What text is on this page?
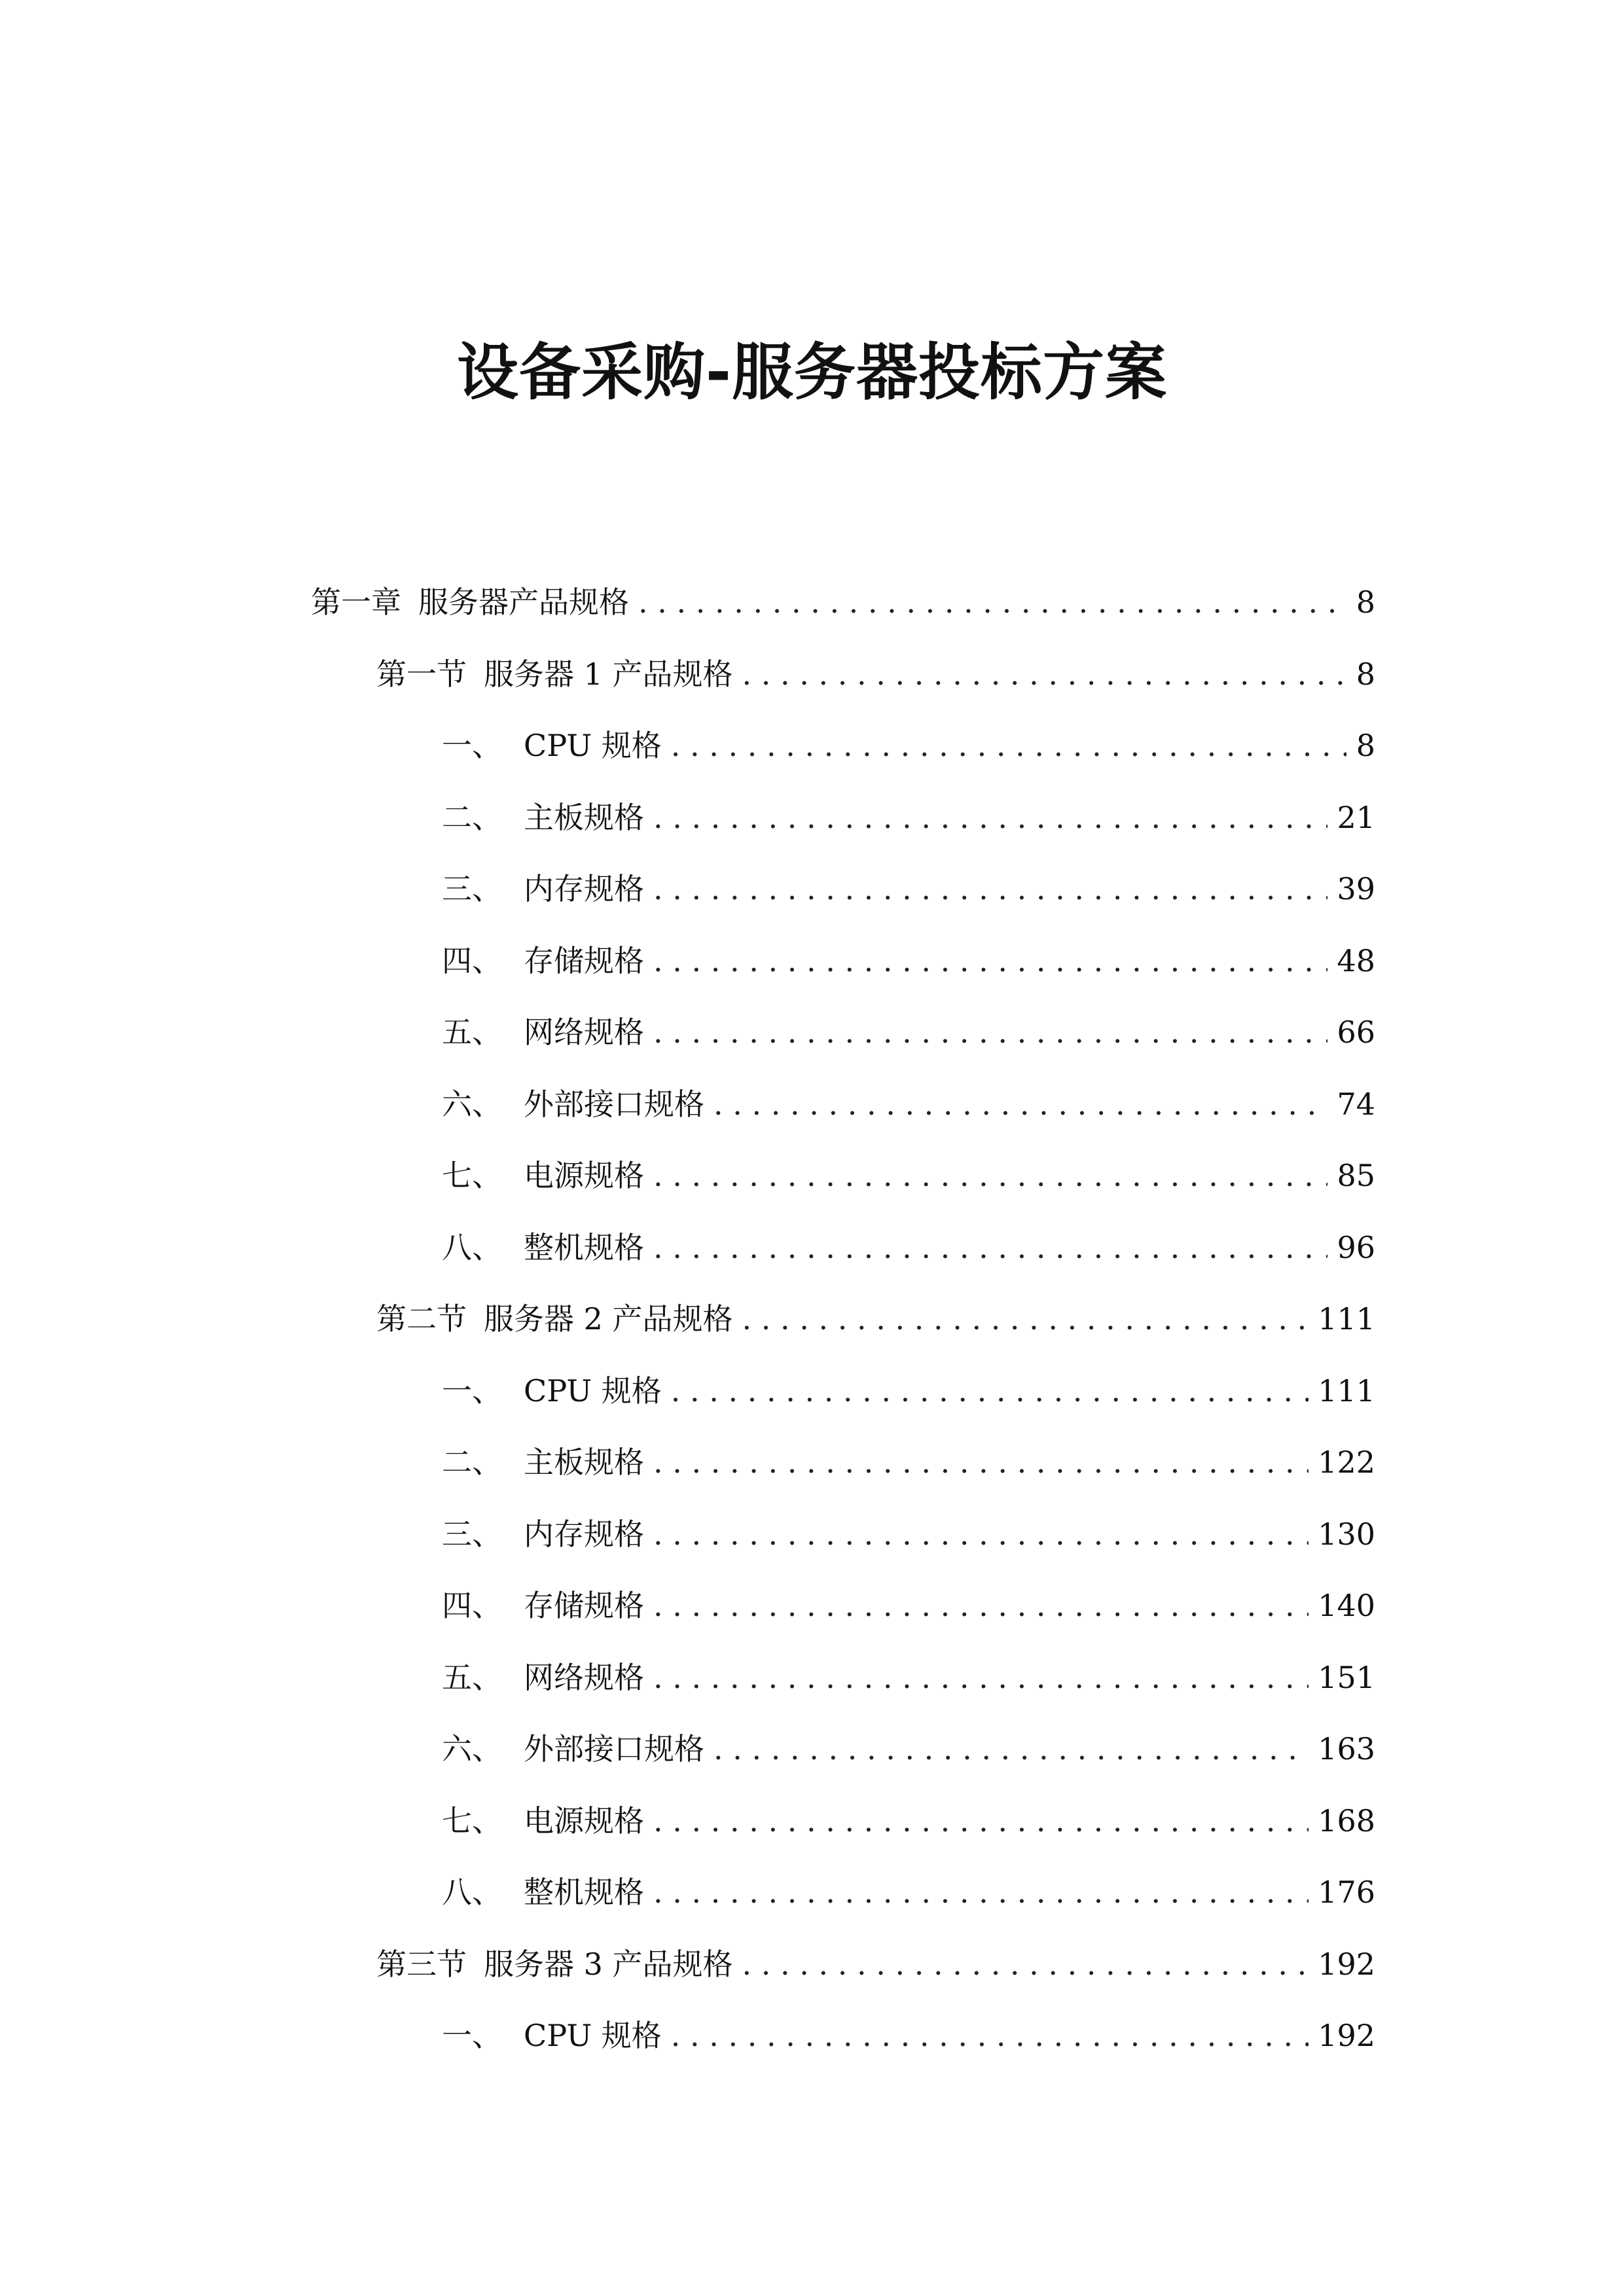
设备采购-服务器投标方案
第一章 服务器产品规格 . . .	8
第一节 服务器 1 产品规格 . . .	8
一、 CPU 规格 . . .	8
二、 主板规格 . . .	21
三、 内存规格 . . .	39
四、 存储规格 . . .	48
五、 网络规格 . . .	66
六、 外部接口规格 . . .	74
七、 电源规格 . . .	85
八、 整机规格 . . .	96
第二节 服务器 2 产品规格 . . .	111
一、 CPU 规格 . . .	111
二、 主板规格 . . .	122
三、 内存规格 . . .	130
四、 存储规格 . . .	140
五、 网络规格 . . .	151
六、 外部接口规格 . . .	163
七、 电源规格 . . .	168
八、 整机规格 . . .	176
第三节 服务器 3 产品规格 . . .	192
一、 CPU 规格 . . .	192
